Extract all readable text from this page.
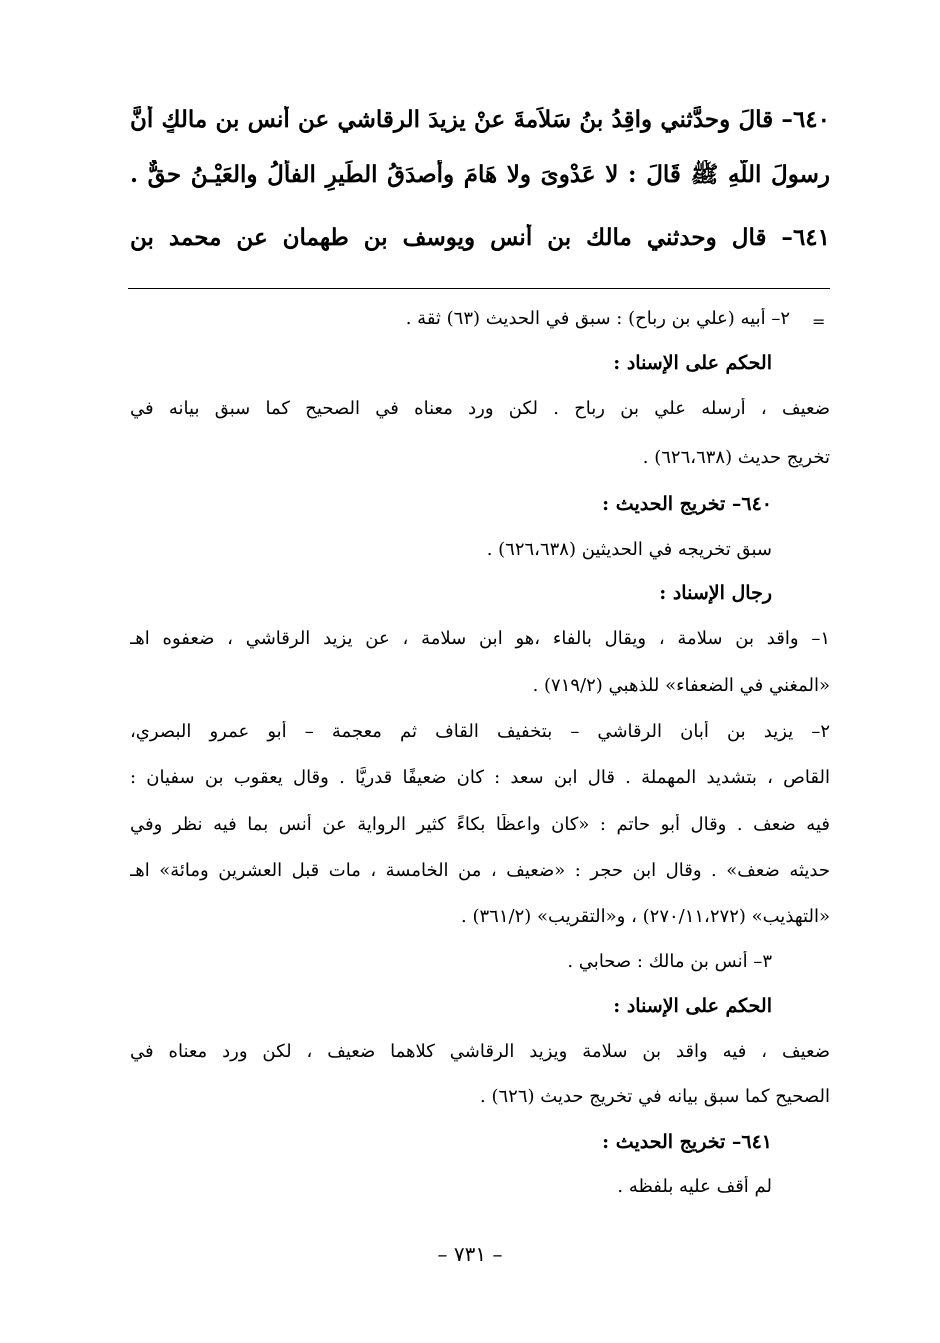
٦٤٠– قالَ وحدَّثني واقِدُ بنُ سَلاَمةَ عنْ يزيدَ الرقاشي عن أنسِ بنِ مالكٍ أنَّ
رسولَ اللَّهِ ﷺ قَالَ : لا عَدْوىَ ولا هَامَ وأَصدَقُ الطِّيرِ الفألُ والعَيْـنُ حقٌّ .
٦٤١– قال وحدثني مالك بن أنس ويوسف بن طهمان عن محمد بن
=
٢– أبيه (علي بن رباح) : سبق في الحديث (٦٣) ثقة .
الحكم على الإسناد :
ضعيف ، أرسله علي بن رباح . لكن ورد معناه في الصحيح كما سبق بيانه في
تخريج حديث (٦٢٦،٦٣٨) .
٦٤٠– تخريج الحديث :
سبق تخريجه في الحديثين (٦٢٦،٦٣٨) .
رجال الإسناد :
١– واقد بن سلامة ، ويقال بالفاء ،هو ابن سلامة ، عن يزيد الرقاشي ، ضعفوه اهـ
«المغني في الضعفاء» للذهبي (٧١٩/٢) .
٢– يزيد بن أبان الرقاشي – بتخفيف القاف ثم معجمة – أبو عمرو البصري،
القاص ، بتشديد المهملة . قال ابن سعد : كان ضعيفًا قدريًّا . وقال يعقوب بن سفيان :
فيه ضعف . وقال أبو حاتم : «كان واعظًا بكاءً كثير الرواية عن أنس بما فيه نظر وفي
حديثه ضعف» . وقال ابن حجر : «ضعيف ، من الخامسة ، مات قبل العشرين ومائة» اهـ
«التهذيب» (٢٧٠/١١،٢٧٢) ، و«التقريب» (٣٦١/٢) .
٣– أنس بن مالك : صحابي .
الحكم على الإسناد :
ضعيف ، فيه واقد بن سلامة ويزيد الرقاشي كلاهما ضعيف ، لكن ورد معناه في
الصحيح كما سبق بيانه في تخريج حديث (٦٢٦) .
٦٤١– تخريج الحديث :
لم أقف عليه بلفظه .
– ٧٣١ –
